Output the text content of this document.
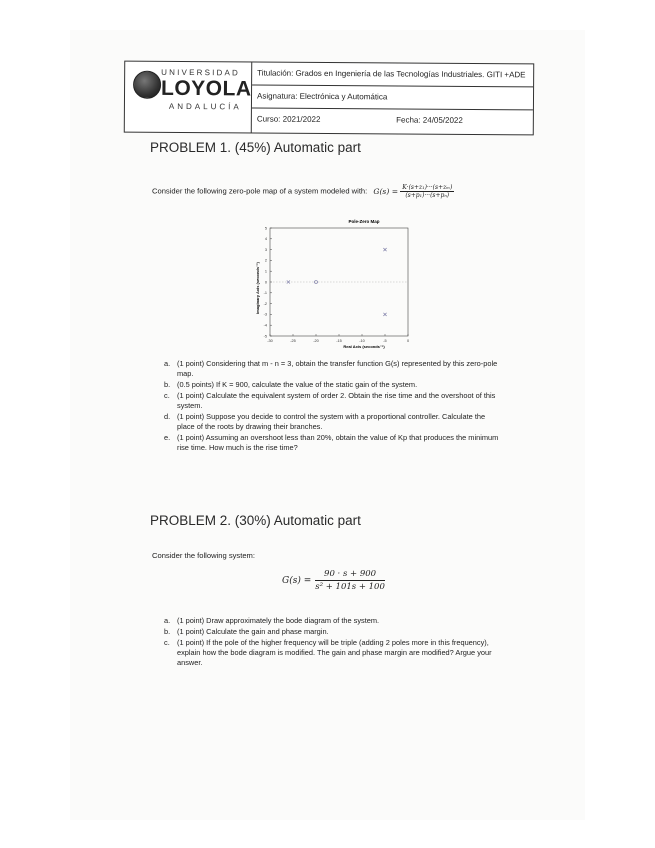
UNIVERSIDAD
LOYOLA
ANDALUCÍA
Titulación: Grados en Ingeniería de las Tecnologías Industriales. GITI +ADE
Asignatura: Electrónica y Automática
Curso: 2021/2022	Fecha: 24/05/2022
PROBLEM 1. (45%) Automatic part
Consider the following zero-pole map of a system modeled with: $G(s) = \frac{\text{K·(s+z₁)···(s+zₘ)}}{\text{(s+p₁)···(s+pₙ)}}$
Pole-Zero Map
Imaginary Axis (seconds⁻¹)
Real Axis (seconds⁻¹)
-30	-25	-20	-15	-10	-5	0
5
4
3
2
1
0
-1
-2
-3
-4
-5
a. (1 point) Considering that m - n = 3, obtain the transfer function G(s) represented by this zero-pole map.
b. (0.5 points) If K = 900, calculate the value of the static gain of the system.
c. (1 point) Calculate the equivalent system of order 2. Obtain the rise time and the overshoot of this system.
d. (1 point) Suppose you decide to control the system with a proportional controller. Calculate the place of the roots by drawing their branches.
e. (1 point) Assuming an overshoot less than 20%, obtain the value of Kp that produces the minimum rise time. How much is the rise time?
PROBLEM 2. (30%) Automatic part
Consider the following system:
$G(s) = \frac{90 \cdot s + 900}{\text{s² + 101s + 100}}$
a. (1 point) Draw approximately the bode diagram of the system.
b. (1 point) Calculate the gain and phase margin.
c. (1 point) If the pole of the higher frequency will be triple (adding 2 poles more in this frequency), explain how the bode diagram is modified. The gain and phase margin are modified? Argue your answer.
